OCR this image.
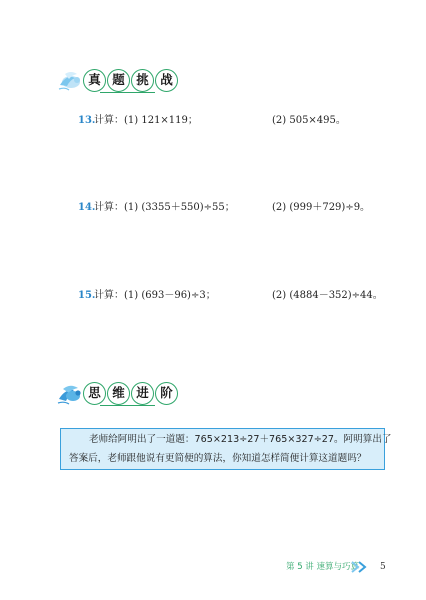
真 题 挑 战
13.
计算：(1) 121×119；	(2) 505×495。
14.
计算：(1) (3355＋550)÷55；	(2) (999＋729)÷9。
15.
计算：(1) (693－96)÷3；	(2) (4884－352)÷44。
思 维 进 阶
老师给阿明出了一道题：765×213÷27＋765×327÷27。阿明算出了
答案后，老师跟他说有更简便的算法，你知道怎样简便计算这道题吗？
第 5 讲 速算与巧算 5
